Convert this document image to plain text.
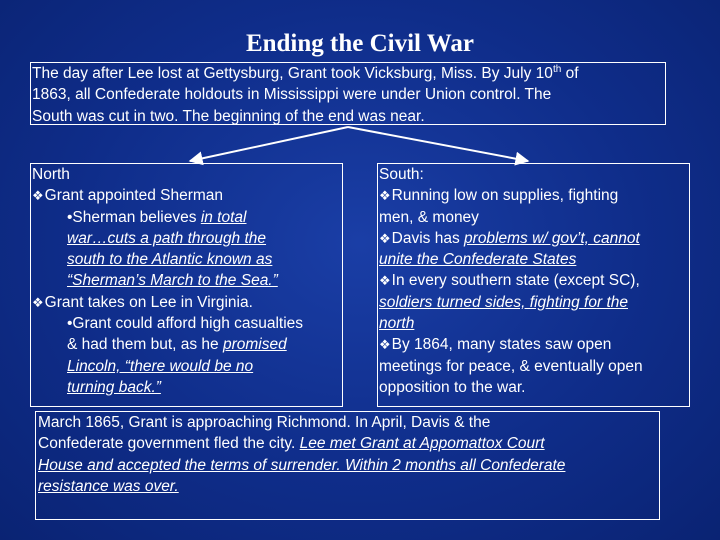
Ending the Civil War
The day after Lee lost at Gettysburg, Grant took Vicksburg, Miss. By July 10th of
1863, all Confederate holdouts in Mississippi were under Union control. The
South was cut in two. The beginning of the end was near.
North
❖Grant appointed Sherman
•Sherman believes in total
war…cuts a path through the
south to the Atlantic known as
“Sherman’s March to the Sea.”
❖Grant takes on Lee in Virginia.
•Grant could afford high casualties
& had them but, as he promised
Lincoln, “there would be no
turning back.”
South:
❖Running low on supplies, fighting
men, & money
❖Davis has problems w/ gov’t, cannot
unite the Confederate States
❖In every southern state (except SC),
soldiers turned sides, fighting for the
north
❖By 1864, many states saw open
meetings for peace, & eventually open
opposition to the war.
March 1865, Grant is approaching Richmond. In April, Davis & the
Confederate government fled the city. Lee met Grant at Appomattox Court
House and accepted the terms of surrender. Within 2 months all Confederate
resistance was over.
